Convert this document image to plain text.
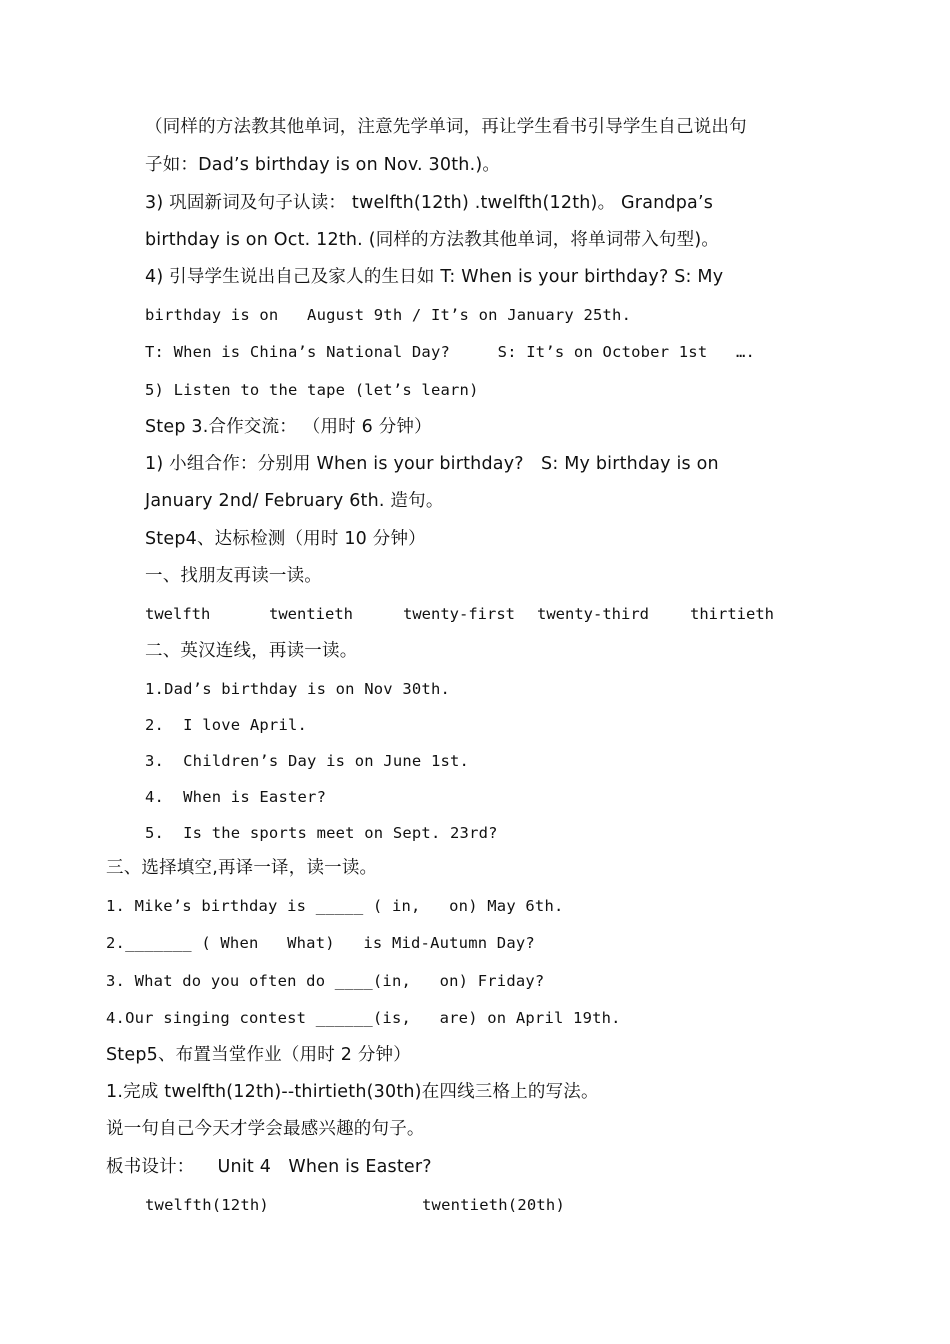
（同样的方法教其他单词，注意先学单词，再让学生看书引导学生自己说出句
子如：Dad’s birthday is on Nov. 30th.)。
3) 巩固新词及句子认读： twelfth(12th) .twelfth(12th)。 Grandpa’s
birthday is on Oct. 12th. (同样的方法教其他单词，将单词带入句型)。
4) 引导学生说出自己及家人的生日如 T: When is your birthday? S: My
birthday is on   August 9th / It’s on January 25th.
T: When is China’s National Day?     S: It’s on October 1st   ….
5) Listen to the tape (let’s learn)
Step 3.合作交流： （用时 6 分钟）
1) 小组合作：分别用 When is your birthday?   S: My birthday is on
January 2nd/ February 6th. 造句。
Step4、达标检测（用时 10 分钟）
一、找朋友再读一读。
twelfth	twentieth	twenty-first twenty-third	thirtieth
二、英汉连线，再读一读。
1.Dad’s birthday is on Nov 30th.
2.  I love April.
3.  Children’s Day is on June 1st.
4.  When is Easter?
5.  Is the sports meet on Sept. 23rd?
三、选择填空,再译一译，读一读。
1. Mike’s birthday is _____ ( in,   on) May 6th.
2._______ ( When   What)   is Mid-Autumn Day?
3. What do you often do ____(in,   on) Friday?
4.Our singing contest ______(is,   are) on April 19th.
Step5、布置当堂作业（用时 2 分钟）
1.完成 twelfth(12th)--thirtieth(30th)在四线三格上的写法。
说一句自己今天才学会最感兴趣的句子。
板书设计：    Unit 4   When is Easter?
twelfth(12th)	twentieth(20th)
